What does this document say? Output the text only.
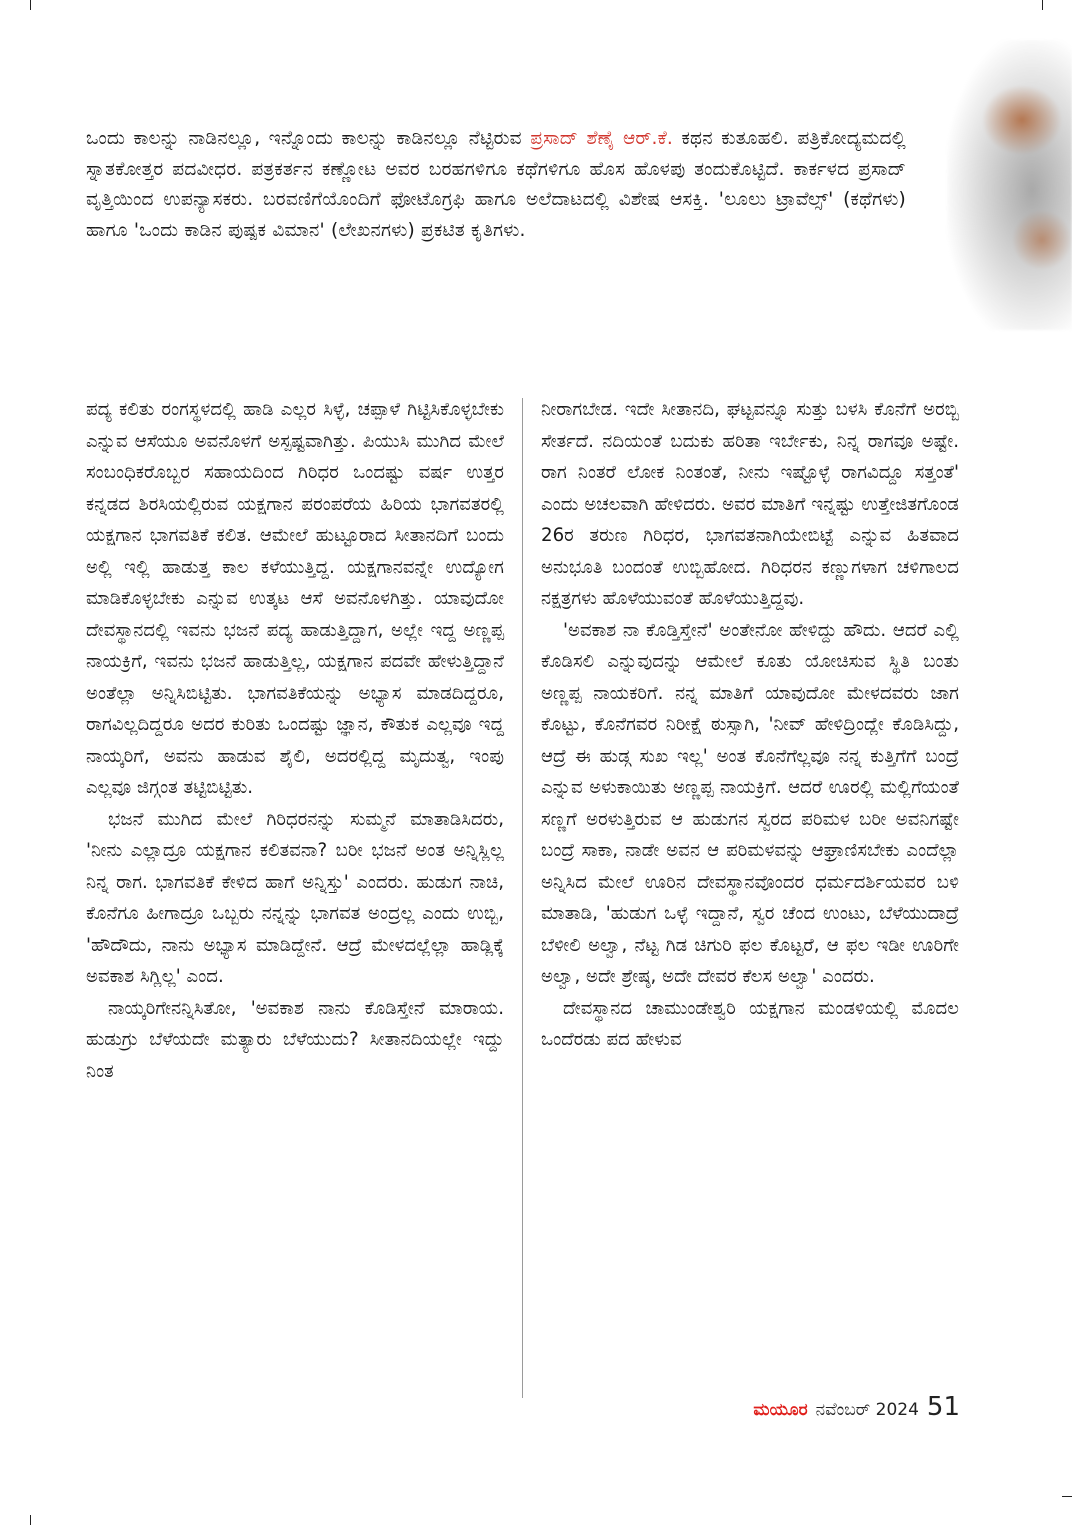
ಒಂದು ಕಾಲನ್ನು ನಾಡಿನಲ್ಲೂ, ಇನ್ನೊಂದು ಕಾಲನ್ನು ಕಾಡಿನಲ್ಲೂ ನೆಟ್ಟಿರುವ ಪ್ರಸಾದ್ ಶೆಣೈ ಆರ್.ಕೆ. ಕಥನ ಕುತೂಹಲಿ. ಪತ್ರಿಕೋದ್ಯಮದಲ್ಲಿ ಸ್ನಾತಕೋತ್ತರ ಪದವೀಧರ. ಪತ್ರಕರ್ತನ ಕಣ್ಣೋಟ ಅವರ ಬರಹಗಳಿಗೂ ಕಥೆಗಳಿಗೂ ಹೊಸ ಹೊಳಪು ತಂದುಕೊಟ್ಟಿದೆ. ಕಾರ್ಕಳದ ಪ್ರಸಾದ್ ವೃತ್ತಿಯಿಂದ ಉಪನ್ಯಾಸಕರು. ಬರವಣಿಗೆಯೊಂದಿಗೆ ಫೋಟೊಗ್ರಫಿ ಹಾಗೂ ಅಲೆದಾಟದಲ್ಲಿ ವಿಶೇಷ ಆಸಕ್ತಿ. 'ಲೂಲು ಟ್ರಾವೆಲ್ಸ್' (ಕಥೆಗಳು) ಹಾಗೂ 'ಒಂದು ಕಾಡಿನ ಪುಷ್ಪಕ ವಿಮಾನ' (ಲೇಖನಗಳು) ಪ್ರಕಟಿತ ಕೃತಿಗಳು.

ಪದ್ಯ ಕಲಿತು ರಂಗಸ್ಥಳದಲ್ಲಿ ಹಾಡಿ ಎಲ್ಲರ ಸಿಳ್ಳೆ, ಚಪ್ಪಾಳೆ ಗಿಟ್ಟಿಸಿಕೊಳ್ಳಬೇಕು ಎನ್ನುವ ಆಸೆಯೂ ಅವನೊಳಗೆ ಅಸ್ಪಷ್ಟವಾಗಿತ್ತು. ಪಿಯುಸಿ ಮುಗಿದ ಮೇಲೆ ಸಂಬಂಧಿಕರೊಬ್ಬರ ಸಹಾಯದಿಂದ ಗಿರಿಧರ ಒಂದಷ್ಟು ವರ್ಷ ಉತ್ತರ ಕನ್ನಡದ ಶಿರಸಿಯಲ್ಲಿರುವ ಯಕ್ಷಗಾನ ಪರಂಪರೆಯ ಹಿರಿಯ ಭಾಗವತರಲ್ಲಿ ಯಕ್ಷಗಾನ ಭಾಗವತಿಕೆ ಕಲಿತ. ಆಮೇಲೆ ಹುಟ್ಟೂರಾದ ಸೀತಾನದಿಗೆ ಬಂದು ಅಲ್ಲಿ ಇಲ್ಲಿ ಹಾಡುತ್ತ ಕಾಲ ಕಳೆಯುತ್ತಿದ್ದ. ಯಕ್ಷಗಾನವನ್ನೇ ಉದ್ಯೋಗ ಮಾಡಿಕೊಳ್ಳಬೇಕು ಎನ್ನುವ ಉತ್ಕಟ ಆಸೆ ಅವನೊಳಗಿತ್ತು. ಯಾವುದೋ ದೇವಸ್ಥಾನದಲ್ಲಿ ಇವನು ಭಜನೆ ಪದ್ಯ ಹಾಡುತ್ತಿದ್ದಾಗ, ಅಲ್ಲೇ ಇದ್ದ ಅಣ್ಣಪ್ಪ ನಾಯಕ್ರಿಗೆ, ಇವನು ಭಜನೆ ಹಾಡುತ್ತಿಲ್ಲ, ಯಕ್ಷಗಾನ ಪದವೇ ಹೇಳುತ್ತಿದ್ದಾನೆ ಅಂತೆಲ್ಲಾ ಅನ್ನಿಸಿಬಿಟ್ಟಿತು. ಭಾಗವತಿಕೆಯನ್ನು ಅಭ್ಯಾಸ ಮಾಡದಿದ್ದರೂ, ರಾಗವಿಲ್ಲದಿದ್ದರೂ ಅದರ ಕುರಿತು ಒಂದಷ್ಟು ಜ್ಞಾನ, ಕೌತುಕ ಎಲ್ಲವೂ ಇದ್ದ ನಾಯ್ಕರಿಗೆ, ಅವನು ಹಾಡುವ ಶೈಲಿ, ಅದರಲ್ಲಿದ್ದ ಮೃದುತ್ವ, ಇಂಪು ಎಲ್ಲವೂ ಜಿಗ್ಗಂತ ತಟ್ಟಿಬಿಟ್ಟಿತು.

ಭಜನೆ ಮುಗಿದ ಮೇಲೆ ಗಿರಿಧರನನ್ನು ಸುಮ್ಮನೆ ಮಾತಾಡಿಸಿದರು, 'ನೀನು ಎಲ್ಲಾದ್ರೂ ಯಕ್ಷಗಾನ ಕಲಿತವನಾ? ಬರೀ ಭಜನೆ ಅಂತ ಅನ್ನಿಸ್ಲಿಲ್ಲ ನಿನ್ನ ರಾಗ. ಭಾಗವತಿಕೆ ಕೇಳಿದ ಹಾಗೆ ಅನ್ನಿಸ್ತು' ಎಂದರು. ಹುಡುಗ ನಾಚಿ, ಕೊನೆಗೂ ಹೀಗಾದ್ರೂ ಒಬ್ಬರು ನನ್ನನ್ನು ಭಾಗವತ ಅಂದ್ರಲ್ಲ ಎಂದು ಉಬ್ಬಿ, 'ಹೌದೌದು, ನಾನು ಅಭ್ಯಾಸ ಮಾಡಿದ್ದೇನೆ. ಆದ್ರೆ ಮೇಳದಲ್ಲೆಲ್ಲಾ ಹಾಡ್ಲಿಕ್ಕೆ ಅವಕಾಶ ಸಿಗ್ಲಿಲ್ಲ' ಎಂದ.

ನಾಯ್ಕರಿಗೇನನ್ನಿಸಿತೋ, 'ಅವಕಾಶ ನಾನು ಕೊಡಿಸ್ತೇನೆ ಮಾರಾಯ. ಹುಡುಗ್ರು ಬೆಳೆಯದೇ ಮತ್ಯಾರು ಬೆಳೆಯುದು? ಸೀತಾನದಿಯಲ್ಲೇ ಇದ್ದು ನಿಂತ

ನೀರಾಗಬೇಡ. ಇದೇ ಸೀತಾನದಿ, ಘಟ್ಟವನ್ನೂ ಸುತ್ತು ಬಳಸಿ ಕೊನೆಗೆ ಅರಬ್ಬಿ ಸೇರ್ತದೆ. ನದಿಯಂತೆ ಬದುಕು ಹರಿತಾ ಇರ್ಬೇಕು, ನಿನ್ನ ರಾಗವೂ ಅಷ್ಟೇ. ರಾಗ ನಿಂತರೆ ಲೋಕ ನಿಂತಂತೆ, ನೀನು ಇಷ್ಟೊಳ್ಳೆ ರಾಗವಿದ್ದೂ ಸತ್ತಂತೆ' ಎಂದು ಅಚಲವಾಗಿ ಹೇಳಿದರು. ಅವರ ಮಾತಿಗೆ ಇನ್ನಷ್ಟು ಉತ್ತೇಜಿತಗೊಂಡ 26ರ ತರುಣ ಗಿರಿಧರ, ಭಾಗವತನಾಗಿಯೇಬಿಟ್ಟೆ ಎನ್ನುವ ಹಿತವಾದ ಅನುಭೂತಿ ಬಂದಂತೆ ಉಬ್ಬಿಹೋದ. ಗಿರಿಧರನ ಕಣ್ಣುಗಳಾಗ ಚಳಿಗಾಲದ ನಕ್ಷತ್ರಗಳು ಹೊಳೆಯುವಂತೆ ಹೊಳೆಯುತ್ತಿದ್ದವು.

'ಅವಕಾಶ ನಾ ಕೊಡ್ತಿಸ್ತೇನೆ' ಅಂತೇನೋ ಹೇಳಿದ್ದು ಹೌದು. ಆದರೆ ಎಲ್ಲಿ ಕೊಡಿಸಲಿ ಎನ್ನುವುದನ್ನು ಆಮೇಲೆ ಕೂತು ಯೋಚಿಸುವ ಸ್ಥಿತಿ ಬಂತು ಅಣ್ಣಪ್ಪ ನಾಯಕರಿಗೆ. ನನ್ನ ಮಾತಿಗೆ ಯಾವುದೋ ಮೇಳದವರು ಜಾಗ ಕೊಟ್ಟು, ಕೊನೆಗವರ ನಿರೀಕ್ಷೆ ಠುಸ್ಸಾಗಿ, 'ನೀವ್ ಹೇಳಿದ್ರಿಂದ್ಲೇ ಕೊಡಿಸಿದ್ದು, ಆದ್ರೆ ಈ ಹುಡ್ಗ ಸುಖ ಇಲ್ಲ' ಅಂತ ಕೊನೆಗೆಲ್ಲವೂ ನನ್ನ ಕುತ್ತಿಗೆಗೆ ಬಂದ್ರೆ ಎನ್ನುವ ಅಳುಕಾಯಿತು ಅಣ್ಣಪ್ಪ ನಾಯಕ್ರಿಗೆ. ಆದರೆ ಊರಲ್ಲಿ ಮಲ್ಲಿಗೆಯಂತೆ ಸಣ್ಣಗೆ ಅರಳುತ್ತಿರುವ ಆ ಹುಡುಗನ ಸ್ವರದ ಪರಿಮಳ ಬರೀ ಅವನಿಗಷ್ಟೇ ಬಂದ್ರೆ ಸಾಕಾ, ನಾಡೇ ಅವನ ಆ ಪರಿಮಳವನ್ನು ಆಘ್ರಾಣಿಸಬೇಕು ಎಂದೆಲ್ಲಾ ಅನ್ನಿಸಿದ ಮೇಲೆ ಊರಿನ ದೇವಸ್ಥಾನವೊಂದರ ಧರ್ಮದರ್ಶಿಯವರ ಬಳಿ ಮಾತಾಡಿ, 'ಹುಡುಗ ಒಳ್ಳೆ ಇದ್ದಾನೆ, ಸ್ವರ ಚೆಂದ ಉಂಟು, ಬೆಳೆಯುದಾದ್ರೆ ಬೆಳೀಲಿ ಅಲ್ವಾ, ನೆಟ್ಟ ಗಿಡ ಚಿಗುರಿ ಫಲ ಕೊಟ್ಟರೆ, ಆ ಫಲ ಇಡೀ ಊರಿಗೇ ಅಲ್ವಾ, ಅದೇ ಶ್ರೇಷ್ಠ, ಅದೇ ದೇವರ ಕೆಲಸ ಅಲ್ವಾ' ಎಂದರು.

ದೇವಸ್ಥಾನದ ಚಾಮುಂಡೇಶ್ವರಿ ಯಕ್ಷಗಾನ ಮಂಡಳಿಯಲ್ಲಿ ಮೊದಲ ಒಂದೆರಡು ಪದ ಹೇಳುವ

ಮಯೂರ ನವೆಂಬರ್ 2024 51
